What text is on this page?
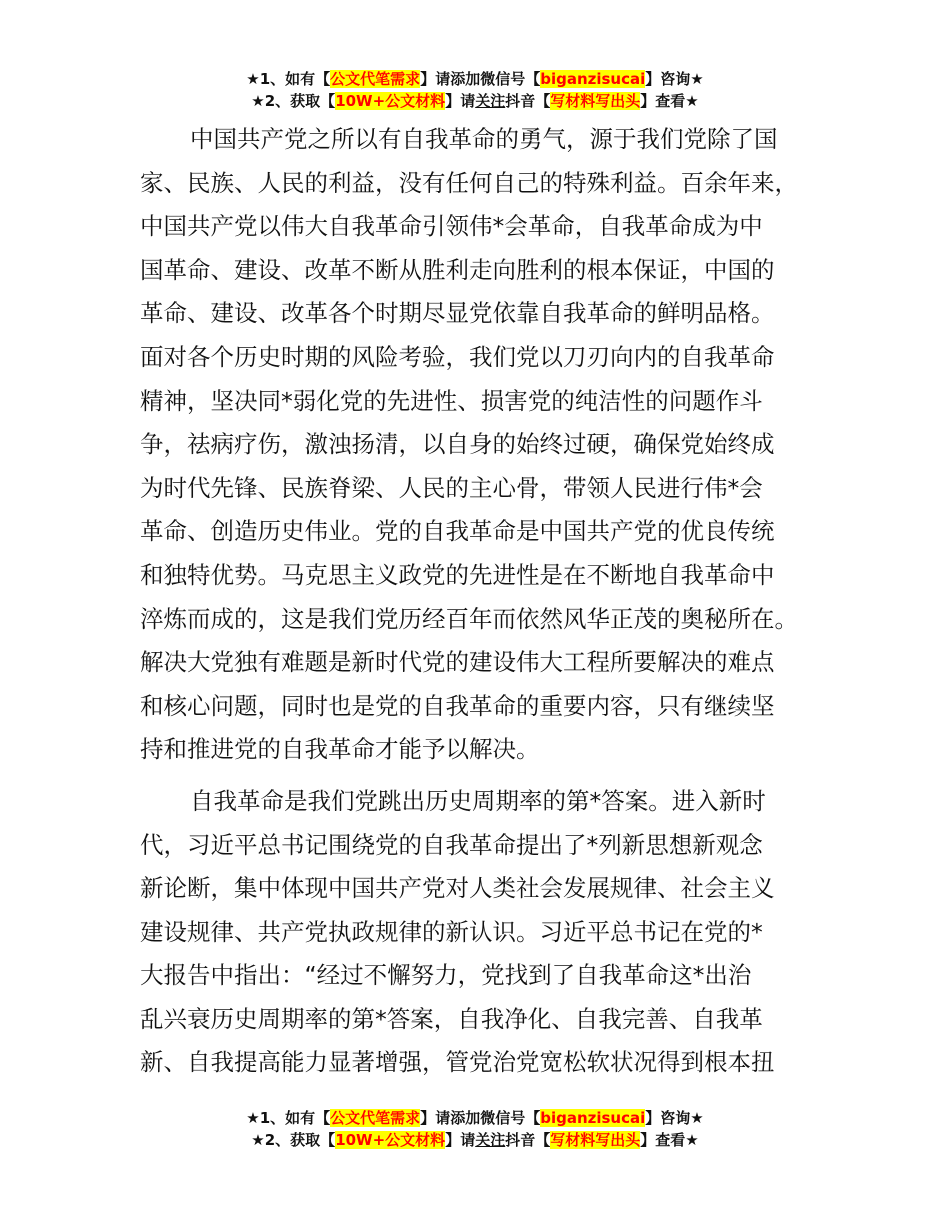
★1、如有【公文代笔需求】请添加微信号【biganzisucai】咨询★
★2、获取【10W+公文材料】请关注抖音【写材料写出头】查看★

中国共产党之所以有自我革命的勇气，源于我们党除了国
家、民族、人民的利益，没有任何自己的特殊利益。百余年来，
中国共产党以伟大自我革命引领伟*会革命，自我革命成为中
国革命、建设、改革不断从胜利走向胜利的根本保证，中国的
革命、建设、改革各个时期尽显党依靠自我革命的鲜明品格。
面对各个历史时期的风险考验，我们党以刀刃向内的自我革命
精神，坚决同*弱化党的先进性、损害党的纯洁性的问题作斗
争，祛病疗伤，激浊扬清，以自身的始终过硬，确保党始终成
为时代先锋、民族脊梁、人民的主心骨，带领人民进行伟*会
革命、创造历史伟业。党的自我革命是中国共产党的优良传统
和独特优势。马克思主义政党的先进性是在不断地自我革命中
淬炼而成的，这是我们党历经百年而依然风华正茂的奥秘所在。
解决大党独有难题是新时代党的建设伟大工程所要解决的难点
和核心问题，同时也是党的自我革命的重要内容，只有继续坚
持和推进党的自我革命才能予以解决。

自我革命是我们党跳出历史周期率的第*答案。进入新时
代，习近平总书记围绕党的自我革命提出了*列新思想新观念
新论断，集中体现中国共产党对人类社会发展规律、社会主义
建设规律、共产党执政规律的新认识。习近平总书记在党的*
大报告中指出：“经过不懈努力，党找到了自我革命这*出治
乱兴衰历史周期率的第*答案，自我净化、自我完善、自我革
新、自我提高能力显著增强，管党治党宽松软状况得到根本扭

★1、如有【公文代笔需求】请添加微信号【biganzisucai】咨询★
★2、获取【10W+公文材料】请关注抖音【写材料写出头】查看★
